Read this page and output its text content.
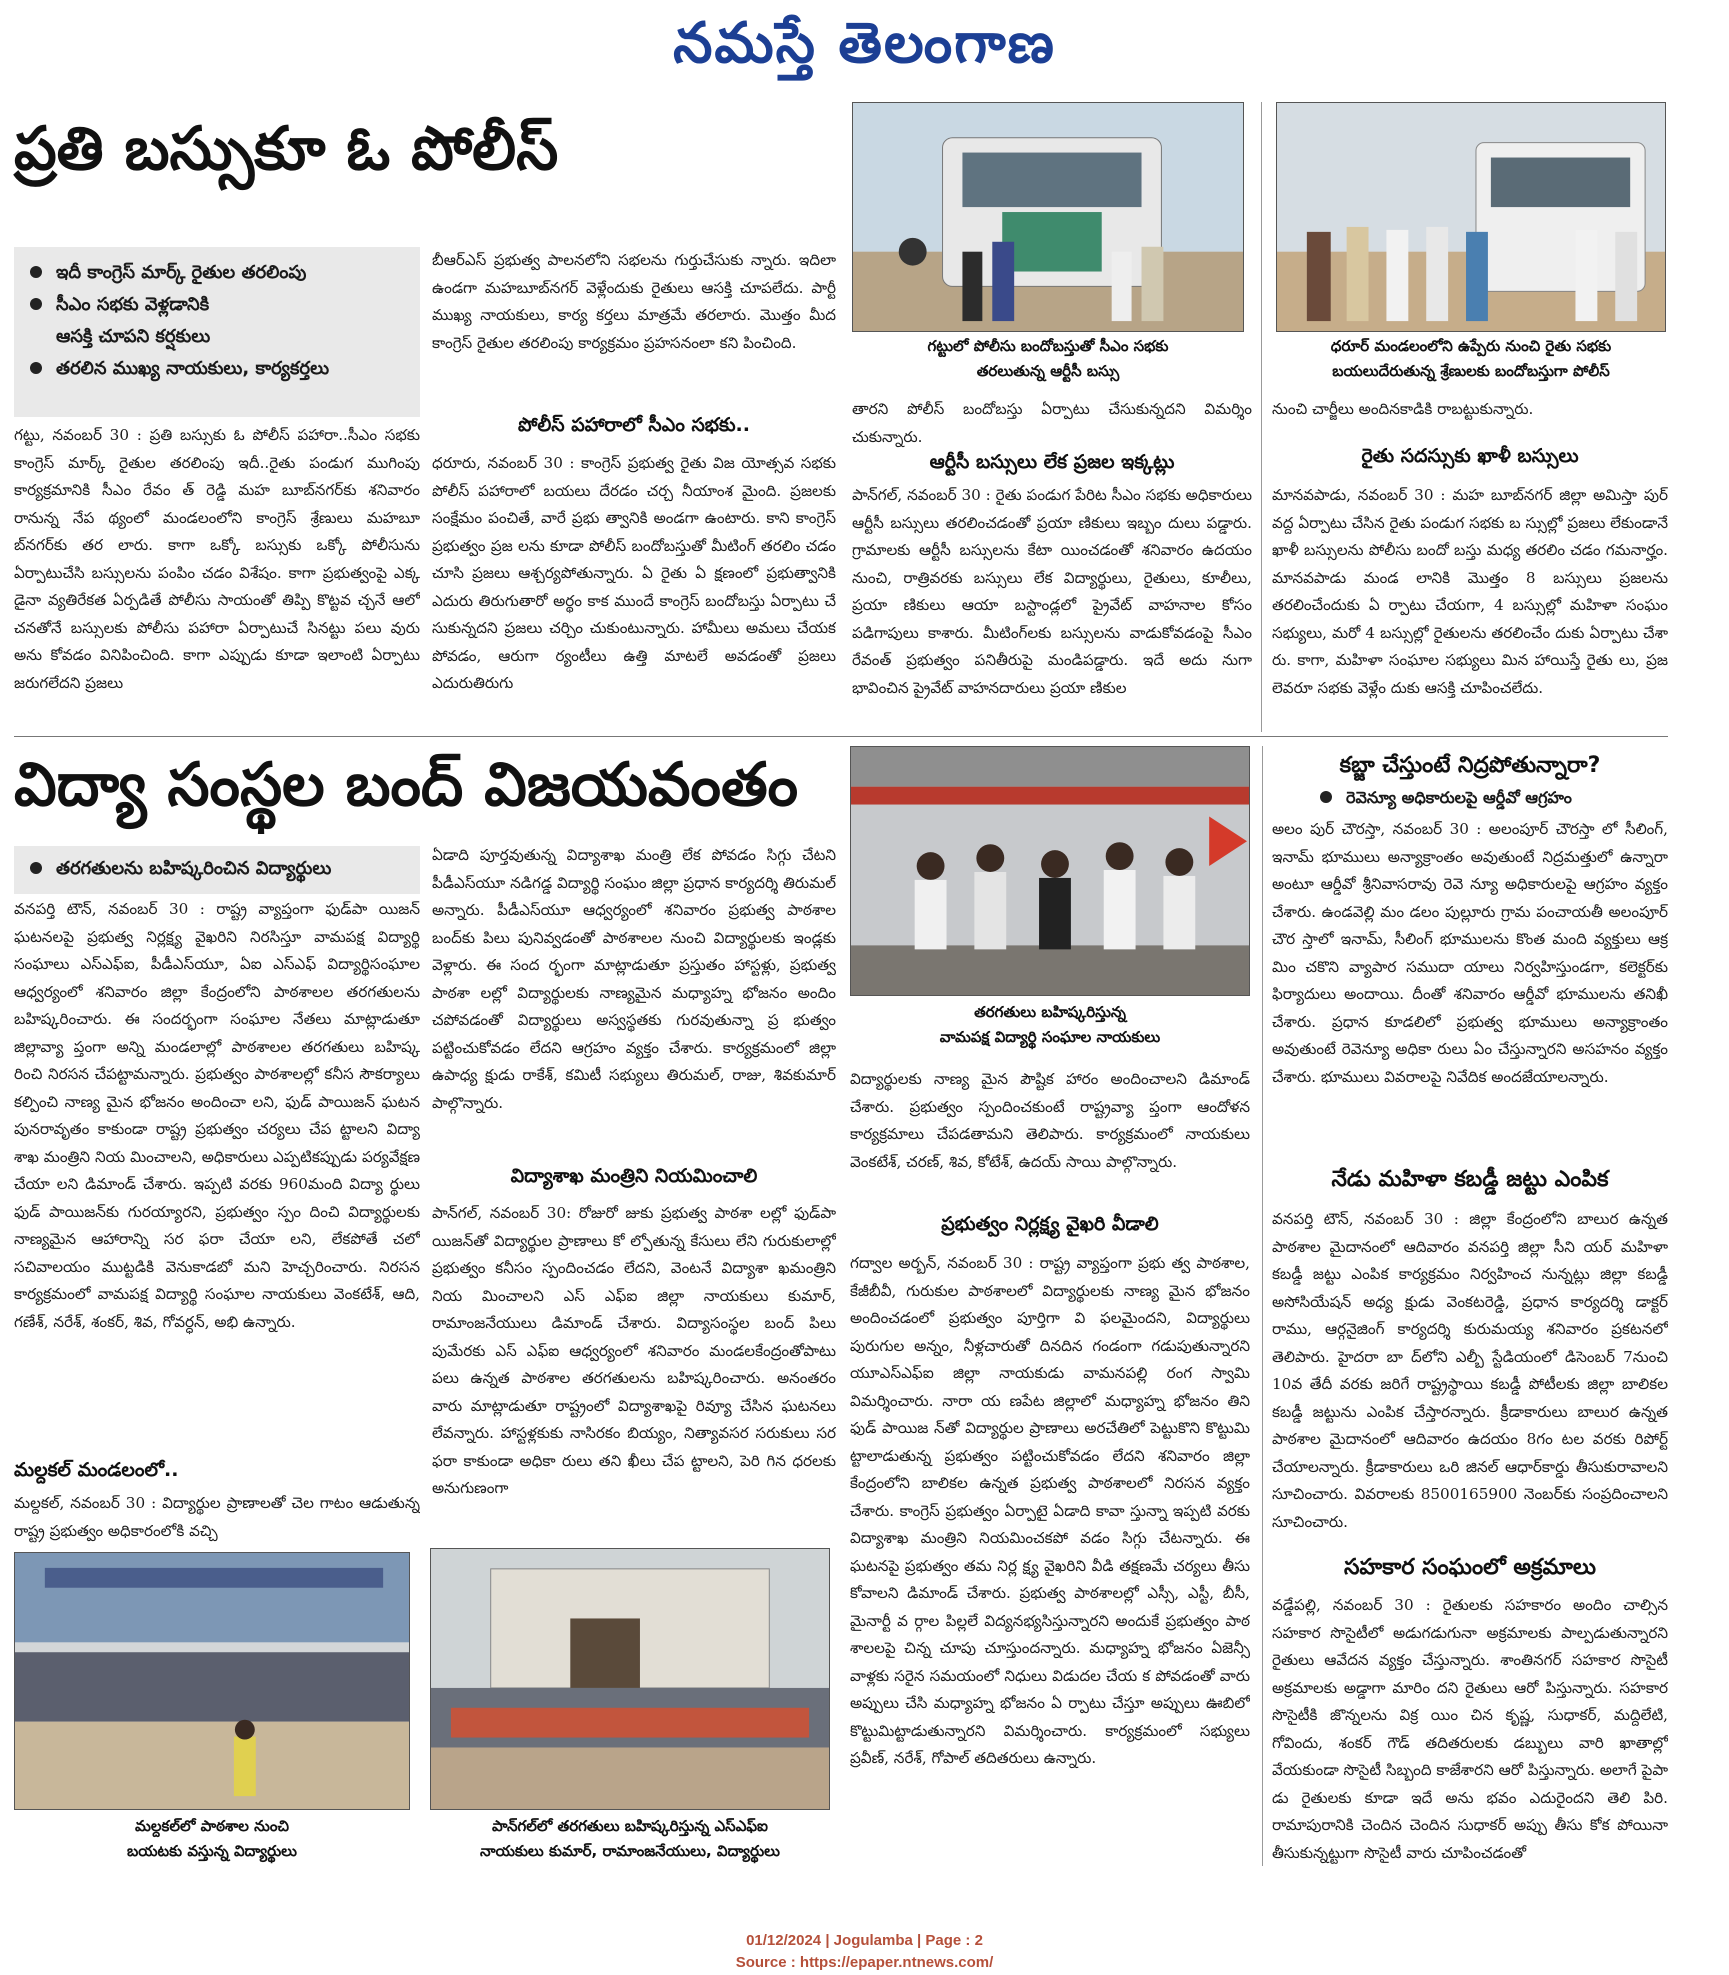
నమస్తే తెలంగాణ
ప్రతి బస్సుకూ ఓ పోలీస్
ఇదీ కాంగ్రెస్ మార్క్ రైతుల తరలింపు
సీఎం సభకు వెళ్లడానికి
ఆసక్తి చూపని కర్షకులు
తరలిన ముఖ్య నాయకులు, కార్యకర్తలు
గట్టు, నవంబర్ 30 : ప్రతి బస్సుకు ఓ పోలీస్ పహారా..సీఎం సభకు కాంగ్రెస్ మార్క్ రైతుల తరలింపు ఇదీ..రైతు పండుగ ముగింపు కార్యక్రమానికి సీఎం రేవం త్ రెడ్డి మహ బూబ్‌నగర్‌కు శనివారం రానున్న నేప థ్యంలో మండలంలోని కాంగ్రెస్ శ్రేణులు మహబూ బ్‌నగర్‌కు తర లారు. కాగా ఒక్కో బస్సుకు ఒక్కో పోలీసును ఏర్పాటుచేసి బస్సులను పంపిం చడం విశేషం. కాగా ప్రభుత్వంపై ఎక్క డైనా వ్యతిరేకత ఏర్పడితే పోలీసు సాయంతో తిప్పి కొట్టవ చ్చనే ఆలో చనతోనే బస్సులకు పోలీసు పహారా ఏర్పాటుచే సినట్టు పలు వురు అను కోవడం వినిపించింది. కాగా ఎప్పుడు కూడా ఇలాంటి ఏర్పాటు జరుగలేదని ప్రజలు
బీఆర్ఎస్ ప్రభుత్వ పాలనలోని సభలను గుర్తుచేసుకు న్నారు. ఇదిలా ఉండగా మహబూబ్‌నగర్ వెళ్లేందుకు రైతులు ఆసక్తి చూపలేదు. పార్టీ ముఖ్య నాయకులు, కార్య కర్తలు మాత్రమే తరలారు. మొత్తం మీద కాంగ్రెస్ రైతుల తరలింపు కార్యక్రమం ప్రహసనంలా కని పించింది.
పోలీస్ పహారాలో సీఎం సభకు..
ధరూరు, నవంబర్ 30 : కాంగ్రెస్ ప్రభుత్వ రైతు విజ యోత్సవ సభకు పోలీస్ పహారాలో బయలు దేరడం చర్చ నీయాంశ మైంది. ప్రజలకు సంక్షేమం పంచితే, వారే ప్రభు త్వానికి అండగా ఉంటారు. కాని కాంగ్రెస్ ప్రభుత్వం ప్రజ లను కూడా పోలీస్ బందోబస్తుతో మీటింగ్ తరలిం చడం చూసి ప్రజలు ఆశ్చర్యపోతున్నారు. ఏ రైతు ఏ క్షణంలో ప్రభుత్వానికి ఎదురు తిరుగుతారో అర్థం కాక ముందే కాంగ్రెస్ బందోబస్తు ఏర్పాటు చే సుకున్నదని ప్రజలు చర్చిం చుకుంటున్నారు. హామీలు అమలు చేయక పోవడం, ఆరుగా ర్యంటీలు ఉత్తి మాటలే అవడంతో ప్రజలు ఎదురుతిరుగు
గట్టులో పోలీసు బందోబస్తుతో సీఎం సభకు
తరలుతున్న ఆర్టీసీ బస్సు
ధరూర్ మండలంలోని ఉప్పేరు నుంచి రైతు సభకు
బయలుదేరుతున్న శ్రేణులకు బందోబస్తుగా పోలీస్
తారని పోలీస్ బందోబస్తు ఏర్పాటు చేసుకున్నదని విమర్శిం చుకున్నారు.
ఆర్టీసీ బస్సులు లేక ప్రజల ఇక్కట్లు
పాన్‌గల్, నవంబర్ 30 : రైతు పండుగ పేరిట సీఎం సభకు అధికారులు ఆర్టీసీ బస్సులు తరలించడంతో ప్రయా ణికులు ఇబ్బం దులు పడ్డారు. గ్రామాలకు ఆర్టీసీ బస్సులను కేటా యించడంతో శనివారం ఉదయం నుంచి, రాత్రివరకు బస్సులు లేక విద్యార్థులు, రైతులు, కూలీలు, ప్రయా ణికులు ఆయా బస్టాండ్లలో ప్రైవేట్ వాహనాల కోసం పడిగాపులు కాశారు. మీటింగ్‌లకు బస్సులను వాడుకోవడంపై సీఎం రేవంత్ ప్రభుత్వం పనితీరుపై మండిపడ్డారు. ఇదే అదు నుగా భావించిన ప్రైవేట్ వాహనదారులు ప్రయా ణికుల
నుంచి చార్జీలు అందినకాడికి రాబట్టుకున్నారు.
రైతు సదస్సుకు ఖాళీ బస్సులు
మానవపాడు, నవంబర్ 30 : మహ బూబ్‌నగర్ జిల్లా అమిస్తా పుర్ వద్ద ఏర్పాటు చేసిన రైతు పండుగ సభకు బ స్సుల్లో ప్రజలు లేకుండానే ఖాళీ బస్సులను పోలీసు బందో బస్తు మధ్య తరలిం చడం గమనార్హం. మానవపాడు మండ లానికి మొత్తం 8 బస్సులు ప్రజలను తరలించేందుకు ఏ ర్పాటు చేయగా, 4 బస్సుల్లో మహిళా సంఘం సభ్యులు, మరో 4 బస్సుల్లో రైతులను తరలించేం దుకు ఏర్పాటు చేశా రు. కాగా, మహిళా సంఘాల సభ్యులు మిన హాయిస్తే రైతు లు, ప్రజ లెవరూ సభకు వెళ్లేం దుకు ఆసక్తి చూపించలేదు.
విద్యా సంస్థల బంద్ విజయవంతం
తరగతులను బహిష్కరించిన విద్యార్థులు
వనపర్తి టౌన్, నవంబర్ 30 : రాష్ట్ర వ్యాప్తంగా ఫుడ్‌పా యిజన్ ఘటనలపై ప్రభుత్వ నిర్లక్ష్య వైఖరిని నిరసిస్తూ వామపక్ష విద్యార్థి సంఘాలు ఎస్ఎఫ్ఐ, పీడీఎస్‌యూ, ఏఐ ఎస్ఎఫ్ విద్యార్థిసంఘాల ఆధ్వర్యంలో శనివారం జిల్లా కేంద్రంలోని పాఠశాలల తరగతులను బహిష్కరించారు. ఈ సందర్భంగా సంఘాల నేతలు మాట్లాడుతూ జిల్లావ్యా ప్తంగా అన్ని మండలాల్లో పాఠశాలల తరగతులు బహిష్క రించి నిరసన చేపట్టామన్నారు. ప్రభుత్వం పాఠశాలల్లో కనీస సౌకర్యాలు కల్పించి నాణ్య మైన భోజనం అందించా లని, ఫుడ్ పాయిజన్ ఘటన పునరావృతం కాకుండా రాష్ట్ర ప్రభుత్వం చర్యలు చేప ట్టాలని విద్యా శాఖ మంత్రిని నియ మించాలని, అధికారులు ఎప్పటికప్పుడు పర్యవేక్షణ చేయా లని డిమాండ్ చేశారు. ఇప్పటి వరకు 960మంది విద్యా ర్థులు ఫుడ్ పాయిజన్‌కు గురయ్యారని, ప్రభుత్వం స్పం దించి విద్యార్థులకు నాణ్యమైన ఆహారాన్ని సర ఫరా చేయా లని, లేకపోతే చలో సచివాలయం ముట్టడికి వెనుకాడబో మని హెచ్చరించారు. నిరసన కార్యక్రమంలో వామపక్ష విద్యార్థి సంఘాల నాయకులు వెంకటేశ్, ఆది, గణేశ్, నరేశ్, శంకర్, శివ, గోవర్ధన్, అభి ఉన్నారు.
మల్దకల్ మండలంలో..
మల్దకల్, నవంబర్ 30 : విద్యార్థుల ప్రాణాలతో చెల గాటం ఆడుతున్న రాష్ట్ర ప్రభుత్వం అధికారంలోకి వచ్చి
ఏడాది పూర్తవుతున్న విద్యాశాఖ మంత్రి లేక పోవడం సిగ్గు చేటని పీడీఎస్‌యూ నడిగడ్డ విద్యార్థి సంఘం జిల్లా ప్రధాన కార్యదర్శి తిరుమల్ అన్నారు. పీడీఎస్‌యూ ఆధ్వర్యంలో శనివారం ప్రభుత్వ పాఠశాల బంద్‌కు పిలు పునివ్వడంతో పాఠశాలల నుంచి విద్యార్థులకు ఇండ్లకు వెళ్లారు. ఈ సంద ర్భంగా మాట్లాడుతూ ప్రస్తుతం హాస్టళ్లు, ప్రభుత్వ పాఠశా లల్లో విద్యార్థులకు నాణ్యమైన మధ్యాహ్న భోజనం అందిం చపోవడంతో విద్యార్థులు అస్వస్థతకు గురవుతున్నా ప్ర భుత్వం పట్టించుకోవడం లేదని ఆగ్రహం వ్యక్తం చేశారు. కార్యక్రమంలో జిల్లా ఉపాధ్య క్షుడు రాకేశ్, కమిటీ సభ్యులు తిరుమల్, రాజు, శివకుమార్ పాల్గొన్నారు.
విద్యాశాఖ మంత్రిని నియమించాలి
పాన్‌గల్, నవంబర్ 30: రోజురో జుకు ప్రభుత్వ పాఠశా లల్లో ఫుడ్‌పా యిజన్‌తో విద్యార్థుల ప్రాణాలు కో ల్పోతున్న కేసులు లేని గురుకులాల్లో ప్రభుత్వం కనీసం స్పందించడం లేదని, వెంటనే విద్యాశా ఖమంత్రిని నియ మించాలని ఎస్ ఎఫ్ఐ జిల్లా నాయకులు కుమార్, రామాంజనేయులు డిమాండ్ చేశారు. విద్యాసంస్థల బంద్ పిలు పుమేరకు ఎస్ ఎఫ్ఐ ఆధ్వర్యంలో శనివారం మండలకేంద్రంతోపాటు పలు ఉన్నత పాఠశాల తరగతులను బహిష్కరించారు. అనంతరం వారు మాట్లాడుతూ రాష్ట్రంలో విద్యాశాఖపై రివ్యూ చేసిన ఘటనలు లేవన్నారు. హాస్టళ్లకుకు నాసిరకం బియ్యం, నిత్యావసర సరుకులు సర ఫరా కాకుండా అధికా రులు తని ఖీలు చేప ట్టాలని, పెరి గిన ధరలకు అనుగుణంగా
తరగతులు బహిష్కరిస్తున్న
వామపక్ష విద్యార్థి సంఘాల నాయకులు
విద్యార్థులకు నాణ్య మైన పౌష్టిక హారం అందించాలని డిమాండ్ చేశారు. ప్రభుత్వం స్పందించకుంటే రాష్ట్రవ్యా ప్తంగా ఆందోళన కార్యక్రమాలు చేపడతామని తెలిపారు. కార్యక్రమంలో నాయకులు వెంకటేశ్, చరణ్, శివ, కోటేశ్, ఉదయ్ సాయి పాల్గొన్నారు.
ప్రభుత్వం నిర్లక్ష్య వైఖరి వీడాలి
గద్వాల అర్బన్, నవంబర్ 30 : రాష్ట్ర వ్యాప్తంగా ప్రభు త్వ పాఠశాల, కేజీబీవీ, గురుకుల పాఠశాలలో విద్యార్థులకు నాణ్య మైన భోజనం అందించడంలో ప్రభుత్వం పూర్తిగా వి ఫలమైందని, విద్యార్థులు పురుగుల అన్నం, నీళ్లచారుతో దినదిన గండంగా గడుపుతున్నారని యూఎస్ఎఫ్ఐ జిల్లా నాయకుడు వామనపల్లి రంగ స్వామి విమర్శించారు. నారా య ణపేట జిల్లాలో మధ్యాహ్న భోజనం తిని ఫుడ్ పాయిజ న్‌తో విద్యార్థుల ప్రాణాలు అరచేతిలో పెట్టుకొని కొట్టుమి ట్టాలాడుతున్న ప్రభుత్వం పట్టించుకోవడం లేదని శనివారం జిల్లా కేంద్రంలోని బాలికల ఉన్నత ప్రభుత్వ పాఠశాలలో నిరసన వ్యక్తం చేశారు. కాంగ్రెస్ ప్రభుత్వం ఏర్పాటై ఏడాది కావా స్తున్నా ఇప్పటి వరకు విద్యాశాఖ మంత్రిని నియమించకపో వడం సిగ్గు చేటన్నారు. ఈ ఘటనపై ప్రభుత్వం తమ నిర్ల క్ష్య వైఖరిని వీడి తక్షణమే చర్యలు తీసు కోవాలని డిమాండ్ చేశారు. ప్రభుత్వ పాఠశాలల్లో ఎస్సీ, ఎస్టీ, బీసీ, మైనార్టీ వ ర్గాల పిల్లలే విద్యనభ్యసిస్తున్నారని అందుకే ప్రభుత్వం పాఠ శాలలపై చిన్న చూపు చూస్తుందన్నారు. మధ్యాహ్న భోజనం ఏజెన్సీ వాళ్లకు సరైన సమయంలో నిధులు విడుదల చేయ క పోవడంతో వారు అప్పులు చేసి మధ్యాహ్న భోజనం ఏ ర్పాటు చేస్తూ అప్పులు ఊబిలో కొట్టుమిట్టాడుతున్నారని విమర్శించారు. కార్యక్రమంలో సభ్యులు ప్రవీణ్, నరేశ్, గోపాల్ తదితరులు ఉన్నారు.
మల్దకల్‌లో పాఠశాల నుంచి
బయటకు వస్తున్న విద్యార్థులు
పాన్‌గల్‌లో తరగతులు బహిష్కరిస్తున్న ఎస్ఎఫ్ఐ
నాయకులు కుమార్, రామాంజనేయులు, విద్యార్థులు
కబ్జా చేస్తుంటే నిద్రపోతున్నారా?
రెవెన్యూ అధికారులపై ఆర్డీవో ఆగ్రహం
అలం పుర్ చౌరస్తా, నవంబర్ 30 : అలంపూర్ చౌరస్తా లో సీలింగ్, ఇనామ్ భూములు అన్యాక్రాంతం అవుతుంటే నిద్రమత్తులో ఉన్నారా అంటూ ఆర్డీవో శ్రీనివాసరావు రెవె న్యూ అధికారులపై ఆగ్రహం వ్యక్తం చేశారు. ఉండవెల్లి మం డలం పుల్లూరు గ్రామ పంచాయతీ అలంపూర్ చౌర స్తాలో ఇనామ్, సీలింగ్ భూములను కొంత మంది వ్యక్తులు ఆక్ర మిం చకొని వ్యాపార సముదా యాలు నిర్వహిస్తుండగా, కలెక్టర్‌కు ఫిర్యాదులు అందాయి. దీంతో శనివారం ఆర్డీవో భూములను తనిఖీ చేశారు. ప్రధాన కూడలిలో ప్రభుత్వ భూములు అన్యాక్రాంతం అవుతుంటే రెవెన్యూ అధికా రులు ఏం చేస్తున్నారని అసహనం వ్యక్తం చేశారు. భూములు వివరాలపై నివేదిక అందజేయాలన్నారు.
నేడు మహిళా కబడ్డీ జట్టు ఎంపిక
వనపర్తి టౌన్, నవంబర్ 30 : జిల్లా కేంద్రంలోని బాలుర ఉన్నత పాఠశాల మైదానంలో ఆదివారం వనపర్తి జిల్లా సీని యర్ మహిళా కబడ్డీ జట్టు ఎంపిక కార్యక్రమం నిర్వహించ నున్నట్లు జిల్లా కబడ్డీ అసోసియేషన్ అధ్య క్షుడు వెంకటరెడ్డి, ప్రధాన కార్యదర్శి డాక్టర్ రాము, ఆర్గనైజింగ్ కార్యదర్శి కురుమయ్య శనివారం ప్రకటనలో తెలిపారు. హైదరా బా ద్‌లోని ఎల్బీ స్టేడియంలో డిసెంబర్ 7నుంచి 10వ తేదీ వరకు జరిగే రాష్ట్రస్థాయి కబడ్డీ పోటీలకు జిల్లా బాలికల కబడ్డీ జట్టును ఎంపిక చేస్తారన్నారు. క్రీడాకారులు బాలుర ఉన్నత పాఠశాల మైదానంలో ఆదివారం ఉదయం 8గం టల వరకు రిపోర్ట్ చేయాలన్నారు. క్రీడాకారులు ఒరి జినల్ ఆధార్‌కార్డు తీసుకురావాలని సూచించారు. వివరాలకు 8500165900 నెంబర్‌కు సంప్రదించాలని సూచించారు.
సహకార సంఘంలో అక్రమాలు
వడ్డేపల్లి, నవంబర్ 30 : రైతులకు సహకారం అందిం చాల్సిన సహకార సొసైటీలో అడుగడుగునా అక్రమాలకు పాల్పడుతున్నారని రైతులు ఆవేదన వ్యక్తం చేస్తున్నారు. శాంతినగర్ సహకార సొసైటీ అక్రమాలకు అడ్డాగా మారిం దని రైతులు ఆరో పిస్తున్నారు. సహకార సొసైటీకి జొన్నలను విక్ర యిం చిన కృష్ణ, సుధాకర్, మద్దిలేటి, గోవిందు, శంకర్ గౌడ్ తదితరులకు డబ్బులు వారి ఖాతాల్లో వేయకుండా సొసైటీ సిబ్బంది కాజేశారని ఆరో పిస్తున్నారు. అలాగే పైపా డు రైతులకు కూడా ఇదే అను భవం ఎదురైందని తెలి పిరి. రామాపురానికి చెందిన చెందిన సుధాకర్ అప్పు తీసు కోక పోయినా తీసుకున్నట్టుగా సొసైటీ వారు చూపించడంతో
01/12/2024 | Jogulamba | Page : 2
Source : https://epaper.ntnews.com/
